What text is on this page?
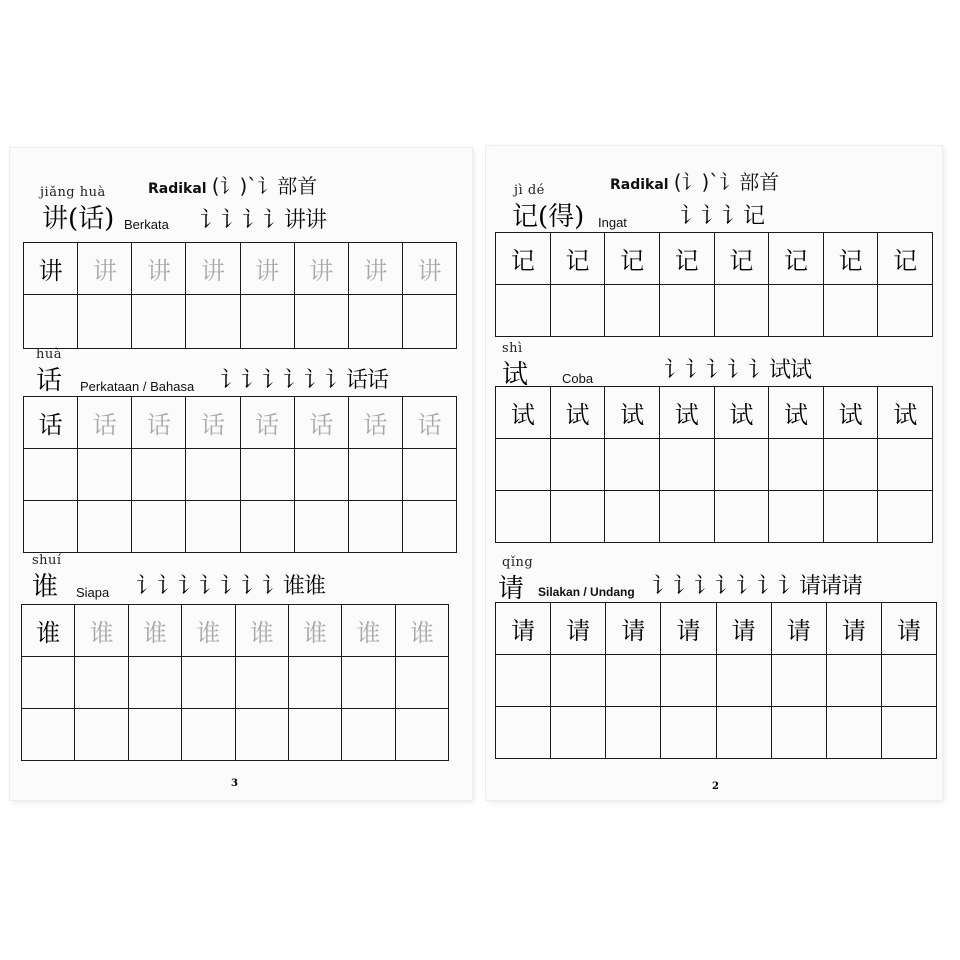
Radikal (讠)`讠部首
jiǎng huà
讲(话) Berkata 讠讠讠讠讲讲
讲	讲	讲	讲	讲	讲	讲	讲

huà
话 Perkataan / Bahasa 讠讠讠讠讠讠话话
话	话	话	话	话	话	话	话

shuí
谁 Siapa 讠讠讠讠讠讠讠谁谁
谁	谁	谁	谁	谁	谁	谁	谁

3
Radikal (讠)`讠部首
jì dé
记(得) Ingat 讠讠讠记
记	记	记	记	记	记	记	记

shì
试	Coba	讠讠讠讠讠试试
试	试	试	试	试	试	试	试

qǐng
请 Silakan / Undang 讠讠讠讠讠讠讠请请请
请	请	请	请	请	请	请	请

2
